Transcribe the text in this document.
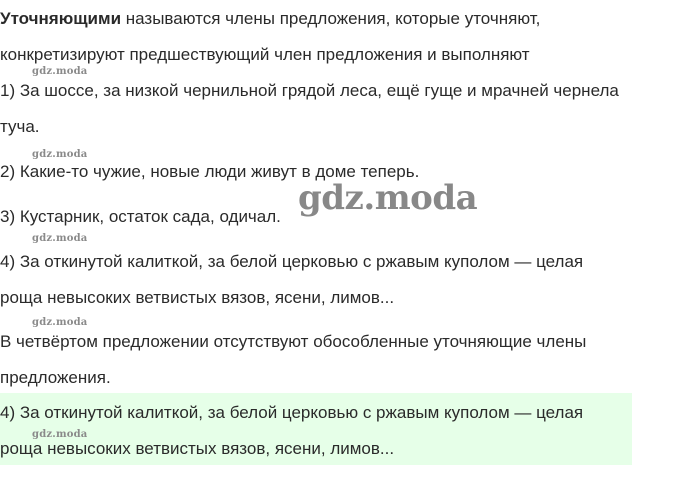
Уточняющими называются члены предложения, которые уточняют,

конкретизируют предшествующий член предложения и выполняют

gdz.moda

1) За шоссе, за низкой чернильной грядой леса, ещё гуще и мрачней чернела

туча.

gdz.moda

2) Какие-то чужие, новые люди живут в доме теперь.

3) Кустарник, остаток сада, одичал. gdz.moda
gdz.moda

4) За откинутой калиткой, за белой церковью с ржавым куполом — целая

роща невысоких ветвистых вязов, ясени, лимов...

gdz.moda

В четвёртом предложении отсутствуют обособленные уточняющие члены

предложения.

4) За откинутой калиткой, за белой церковью с ржавым куполом — целая

gdz.moda

роща невысоких ветвистых вязов, ясени, лимов...
